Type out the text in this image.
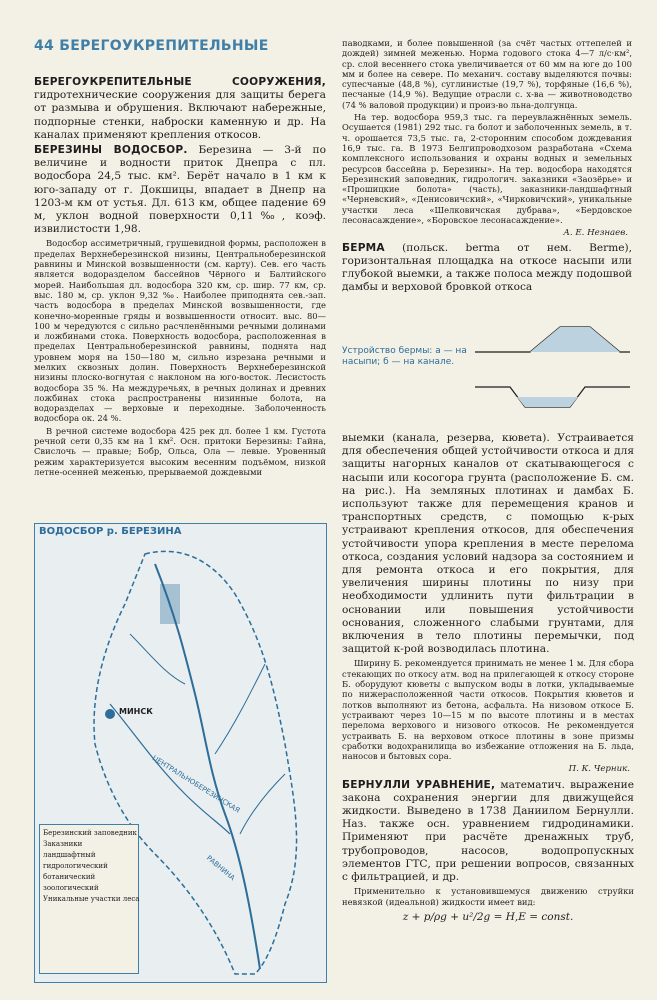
44 БЕРЕГОУКРЕПИТЕЛЬНЫЕ

БЕРЕГОУКРЕПИТЕЛЬНЫЕ СООРУЖЕНИЯ, гидротехнические сооружения для защиты берега от размыва и обрушения. Включают набережные, подпорные стенки, наброски каменную и др. На каналах применяют крепления откосов.

БЕРЕЗИНЫ ВОДОСБОР. Березина — 3-й по величине и водности приток Днепра с пл. водосбора 24,5 тыс. км². Берёт начало в 1 км к юго-западу от г. Докшицы, впадает в Днепр на 1203-м км от устья. Дл. 613 км, общее падение 69 м, уклон водной поверхности 0,11‰, коэф. извилистости 1,98.

Водосбор ассиметричный, грушевидной формы, расположен в пределах Верхнеберезинской низины, Центральноберезинской равнины и Минской возвышенности (см. карту). Сев. его часть является водоразделом бассейнов Чёрного и Балтийского морей. Наибольшая дл. водосбора 320 км, ср. шир. 77 км, ср. выс. 180 м, ср. уклон 9,32 ‰. Наиболее приподнята сев.-зап. часть водосбора в пределах Минской возвышенности, где конечно-моренные гряды и возвышенности относит. выс. 80—100 м чередуются с сильно расчленёнными речными долинами и ложбинами стока. Поверхность водосбора, расположенная в пределах Центральноберезинской равнины, поднята над уровнем моря на 150—180 м, сильно изрезана речными и мелких сквозных долин. Поверхность Верхнеберезинской низины плоско-вогнутая с наклоном на юго-восток. Лесистость водосбора 35 %. На междуречьях, в речных долинах и древних ложбинах стока распространены низинные болота, на водоразделах — верховые и переходные. Заболоченность водосбора ок. 24 %.

В речной системе водосбора 425 рек дл. более 1 км. Густота речной сети 0,35 км на 1 км². Осн. притоки Березины: Гайна, Свислочь — правые; Бобр, Ольса, Ола — левые. Уровенный режим характеризуется высоким весенним подъёмом, низкой летне-осенней меженью, прерываемой дождевыми

ВОДОСБОР р. БЕРЕЗИНА
МИНСК
ЦЕНТРАЛЬНОБЕРЕЗИНСКАЯ
РАВНИНА
Березинский заповедник
Заказники
ландшафтный
гидрологический
ботанический
зоологический
Уникальные участки леса

паводками, и более повышенной (за счёт частых оттепелей и дождей) зимней меженью. Норма годового стока 4—7 л/с·км², ср. слой весеннего стока увеличивается от 60 мм на юге до 100 мм и более на севере. По механич. составу выделяются почвы: супесчаные (48,8 %), суглинистые (19,7 %), торфяные (16,6 %), песчаные (14,9 %). Ведущие отрасли с. х-ва — животноводство (74 % валовой продукции) и произ-во льна-долгунца.

На тер. водосбора 959,3 тыс. га переувлажнённых земель. Осушается (1981) 292 тыс. га болот и заболоченных земель, в т. ч. орошается 73,5 тыс. га, 2-сторонним способом дождевания 16,9 тыс. га. В 1973 Белгипроводхозом разработана «Схема комплексного использования и охраны водных и земельных ресурсов бассейна р. Березины». На тер. водосбора находятся Березинский заповедник, гидрологич. заказники «Заозёрье» и «Прошицкие болота» (часть), заказники-ландшафтный «Черневский», «Денисовичский», «Чирковичский», уникальные участки леса «Шелковичская дубрава», «Бердовское лесонасаждение», «Боровское лесонасаждение».

А. Е. Незнаев.

БЕРМА (польск. berma от нем. Berme), горизонтальная площадка на откосе насыпи или глубокой выемки, а также полоса между подошвой дамбы и верховой бровкой откоса

Устройство бермы: а — на насыпи; б — на канале.

выемки (канала, резерва, кювета). Устраивается для обеспечения общей устойчивости откоса и для защиты нагорных каналов от скатывающегося с насыпи или косогора грунта (расположение Б. см. на рис.). На земляных плотинах и дамбах Б. используют также для перемещения кранов и транспортных средств, с помощью к-рых устраивают крепления откосов, для обеспечения устойчивости упора крепления в месте перелома откоса, создания условий надзора за состоянием и для ремонта откоса и его покрытия, для увеличения ширины плотины по низу при необходимости удлинить пути фильтрации в основании или повышения устойчивости основания, сложенного слабыми грунтами, для включения в тело плотины перемычки, под защитой к-рой возводилась плотина.

Ширину Б. рекомендуется принимать не менее 1 м. Для сбора стекающих по откосу атм. вод на прилегающей к откосу стороне Б. обоpудуют кюветы с выпуском воды в лотки, укладываемые по нижерасположенной части откосов. Покрытия кюветов и лотков выполняют из бетона, асфальта. На низовом откосе Б. устраивают через 10—15 м по высоте плотины и в местах перелома верхового и низового откосов. Не рекомендуется устраивать Б. на верховом откосе плотины в зоне призмы сработки водохранилища во избежание отложения на Б. льда, наносов и бытовых сора.

П. К. Черник.

БЕРНУЛЛИ УРАВНЕНИЕ, математич. выражение закона сохранения энергии для движущейся жидкости. Выведено в 1738 Даниилом Бернулли. Наз. также осн. уравнением гидродинамики. Применяют при расчёте дренажных труб, трубопроводов, насосов, водопропускных элементов ГТС, при решении вопросов, связанных с фильтрацией, и др.

Применительно к установившемуся движению струйки невязкой (идеальной) жидкости имеет вид:

z + p/ρg + u²/2g = H,E = const.
